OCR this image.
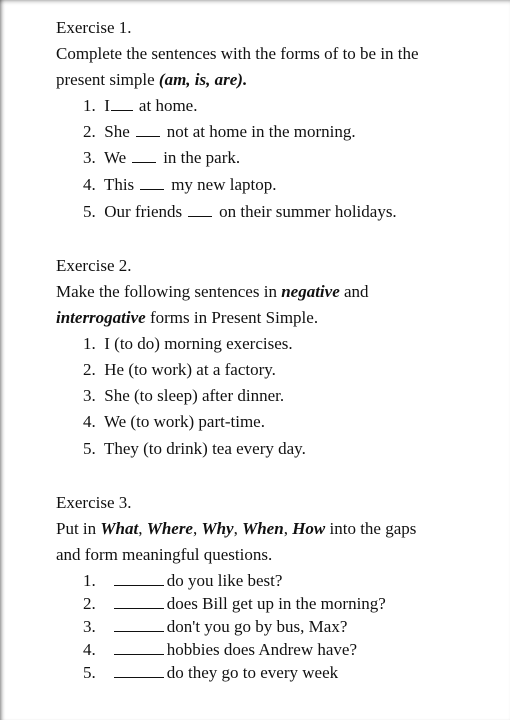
Exercise 1.
Complete the sentences with the forms of to be in the
present simple (am, is, are).
1. I at home.
2. She not at home in the morning.
3. We in the park.
4. This my new laptop.
5. Our friends on their summer holidays.
Exercise 2.
Make the following sentences in negative and
interrogative forms in Present Simple.
1. I (to do) morning exercises.
2. He (to work) at a factory.
3. She (to sleep) after dinner.
4. We (to work) part-time.
5. They (to drink) tea every day.
Exercise 3.
Put in What, Where, Why, When, How into the gaps
and form meaningful questions.
1.	do you like best?
2.	does Bill get up in the morning?
3.	don't you go by bus, Max?
4.	hobbies does Andrew have?
5.	do they go to every week
